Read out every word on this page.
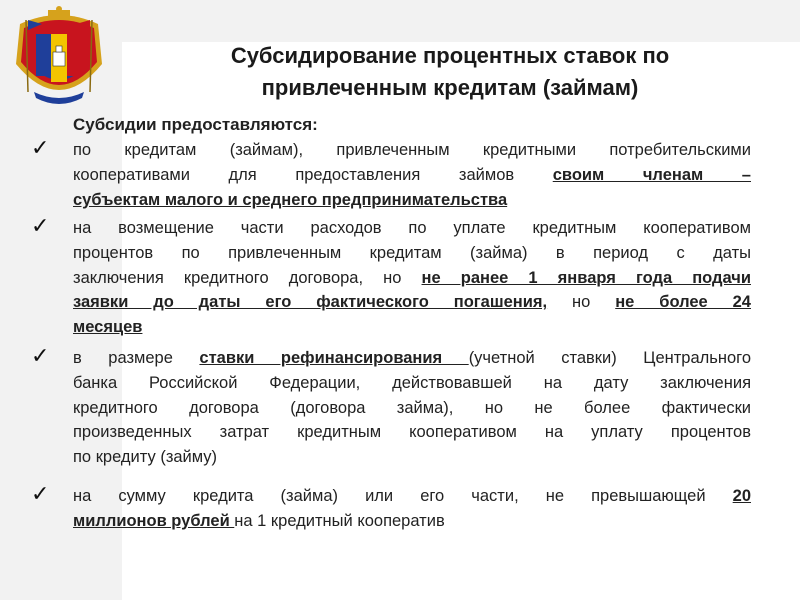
Субсидирование процентных ставок по
привлеченным кредитам (займам)
Субсидии предоставляются:
✓ по кредитам (займам), привлеченным кредитными потребительскими
кооперативами для предоставления займов своим членам –
субъектам малого и среднего предпринимательства
✓ на возмещение части расходов по уплате кредитным кооперативом
процентов по привлеченным кредитам (займа) в период с даты
заключения кредитного договора, но не ранее 1 января года подачи
заявки до даты его фактического погашения, но не более 24
месяцев
✓ в размере ставки рефинансирования (учетной ставки) Центрального
банка Российской Федерации, действовавшей на дату заключения
кредитного договора (договора займа), но не более фактически
произведенных затрат кредитным кооперативом на уплату процентов
по кредиту (займу)
✓ на сумму кредита (займа) или его части, не превышающей 20
миллионов рублей на 1 кредитный кооператив
